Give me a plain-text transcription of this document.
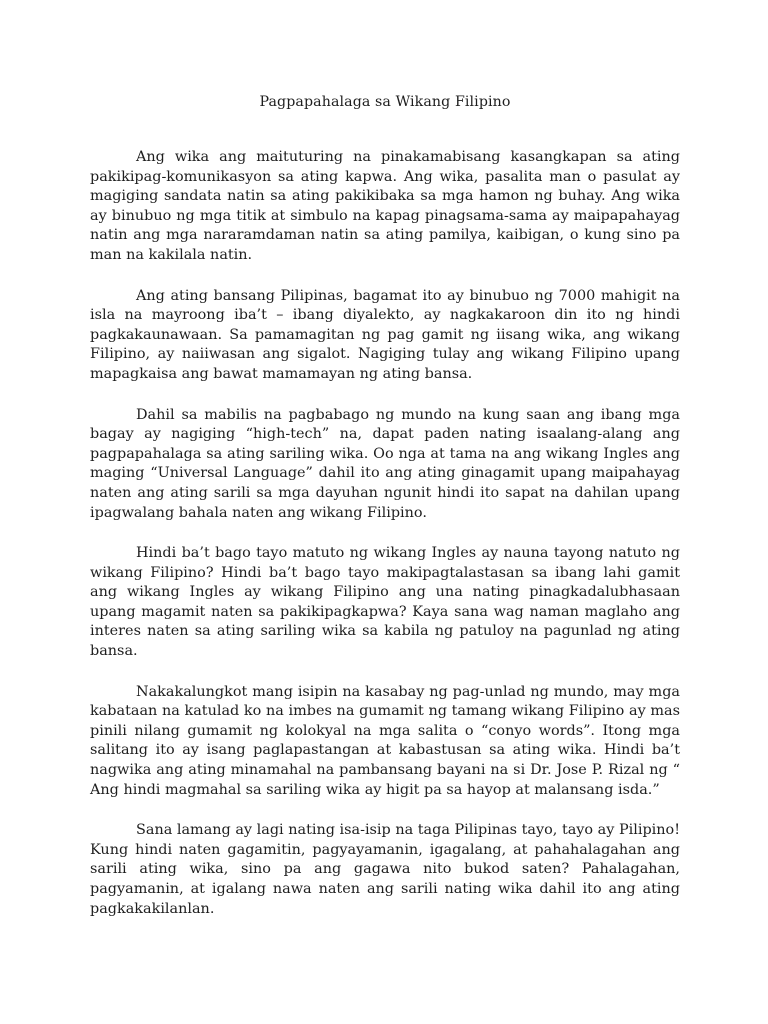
Pagpapahalaga sa Wikang Filipino

Ang wika ang maituturing na pinakamabisang kasangkapan sa ating pakikipag-komunikasyon sa ating kapwa. Ang wika, pasalita man o pasulat ay magiging sandata natin sa ating pakikibaka sa mga hamon ng buhay. Ang wika ay binubuo ng mga titik at simbulo na kapag pinagsama-sama ay maipapahayag natin ang mga nararamdaman natin sa ating pamilya, kaibigan, o kung sino pa man na kakilala natin.

Ang ating bansang Pilipinas, bagamat ito ay binubuo ng 7000 mahigit na isla na mayroong iba’t – ibang diyalekto, ay nagkakaroon din ito ng hindi pagkakaunawaan. Sa pamamagitan ng pag gamit ng iisang wika, ang wikang Filipino, ay naiiwasan ang sigalot. Nagiging tulay ang wikang Filipino upang mapagkaisa ang bawat mamamayan ng ating bansa.

Dahil sa mabilis na pagbabago ng mundo na kung saan ang ibang mga bagay ay nagiging “high-tech” na, dapat paden nating isaalang-alang ang pagpapahalaga sa ating sariling wika. Oo nga at tama na ang wikang Ingles ang maging “Universal Language” dahil ito ang ating ginagamit upang maipahayag naten ang ating sarili sa mga dayuhan ngunit hindi ito sapat na dahilan upang ipagwalang bahala naten ang wikang Filipino.

Hindi ba’t bago tayo matuto ng wikang Ingles ay nauna tayong natuto ng wikang Filipino? Hindi ba’t bago tayo makipagtalastasan sa ibang lahi gamit ang wikang Ingles ay wikang Filipino ang una nating pinagkadalubhasaan upang magamit naten sa pakikipagkapwa? Kaya sana wag naman maglaho ang interes naten sa ating sariling wika sa kabila ng patuloy na pagunlad ng ating bansa.

Nakakalungkot mang isipin na kasabay ng pag-unlad ng mundo, may mga kabataan na katulad ko na imbes na gumamit ng tamang wikang Filipino ay mas pinili nilang gumamit ng kolokyal na mga salita o “conyo words”. Itong mga salitang ito ay isang paglapastangan at kabastusan sa ating wika. Hindi ba’t nagwika ang ating minamahal na pambansang bayani na si Dr. Jose P. Rizal ng “ Ang hindi magmahal sa sariling wika ay higit pa sa hayop at malansang isda.”

Sana lamang ay lagi nating isa-isip na taga Pilipinas tayo, tayo ay Pilipino! Kung hindi naten gagamitin, pagyayamanin, igagalang, at pahahalagahan ang sarili ating wika, sino pa ang gagawa nito bukod saten? Pahalagahan, pagyamanin, at igalang nawa naten ang sarili nating wika dahil ito ang ating pagkakakilanlan.
